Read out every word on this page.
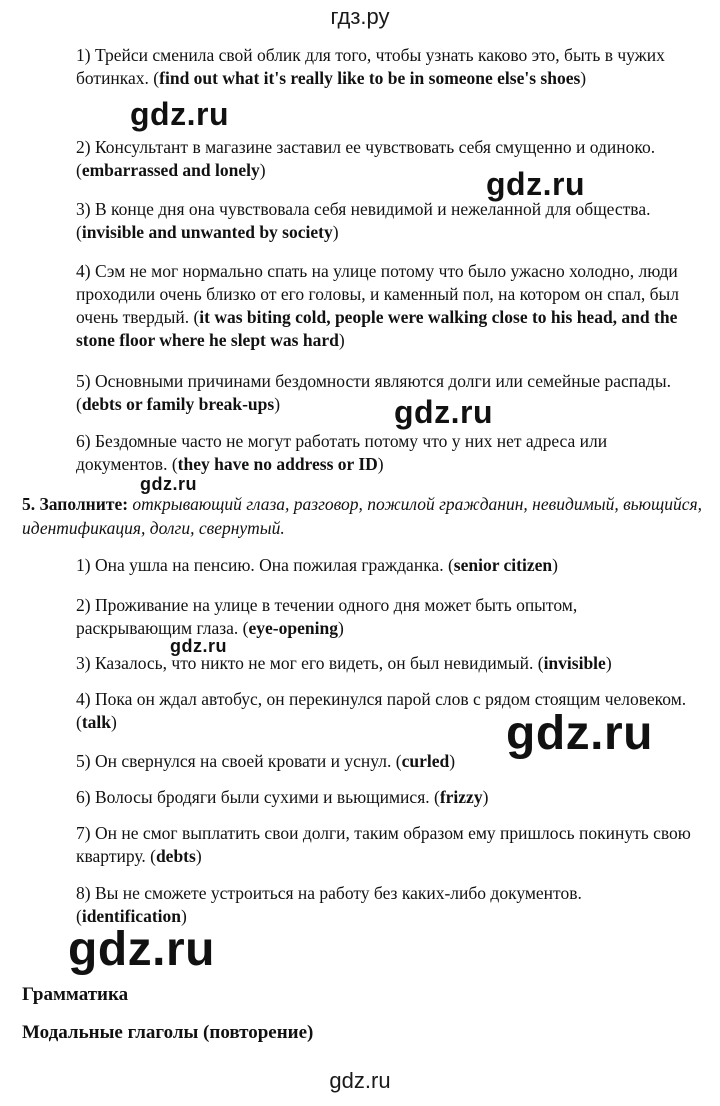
гдз.ру
1) Трейси сменила свой облик для того, чтобы узнать каково это, быть в чужих ботинках. (find out what it's really like to be in someone else's shoes)
2) Консультант в магазине заставил ее чувствовать себя смущенно и одиноко. (embarrassed and lonely)
3) В конце дня она чувствовала себя невидимой и нежеланной для общества. (invisible and unwanted by society)
4) Сэм не мог нормально спать на улице потому что было ужасно холодно, люди проходили очень близко от его головы, и каменный пол, на котором он спал, был очень твердый. (it was biting cold, people were walking close to his head, and the stone floor where he slept was hard)
5) Основными причинами бездомности являются долги или семейные распады. (debts or family break-ups)
6) Бездомные часто не могут работать потому что у них нет адреса или документов. (they have no address or ID)
5. Заполните: открывающий глаза, разговор, пожилой гражданин, невидимый, вьющийся, идентификация, долги, свернутый.
1) Она ушла на пенсию. Она пожилая гражданка. (senior citizen)
2) Проживание на улице в течении одного дня может быть опытом, раскрывающим глаза. (eye-opening)
3) Казалось, что никто не мог его видеть, он был невидимый. (invisible)
4) Пока он ждал автобус, он перекинулся парой слов с рядом стоящим человеком. (talk)
5) Он свернулся на своей кровати и уснул. (curled)
6) Волосы бродяги были сухими и вьющимися. (frizzy)
7) Он не смог выплатить свои долги, таким образом ему пришлось покинуть свою квартиру. (debts)
8) Вы не сможете устроиться на работу без каких-либо документов. (identification)
Грамматика
Модальные глаголы (повторение)
gdz.ru
gdz.ru
gdz.ru
gdz.ru
gdz.ru
gdz.ru
gdz.ru
gdz.ru
